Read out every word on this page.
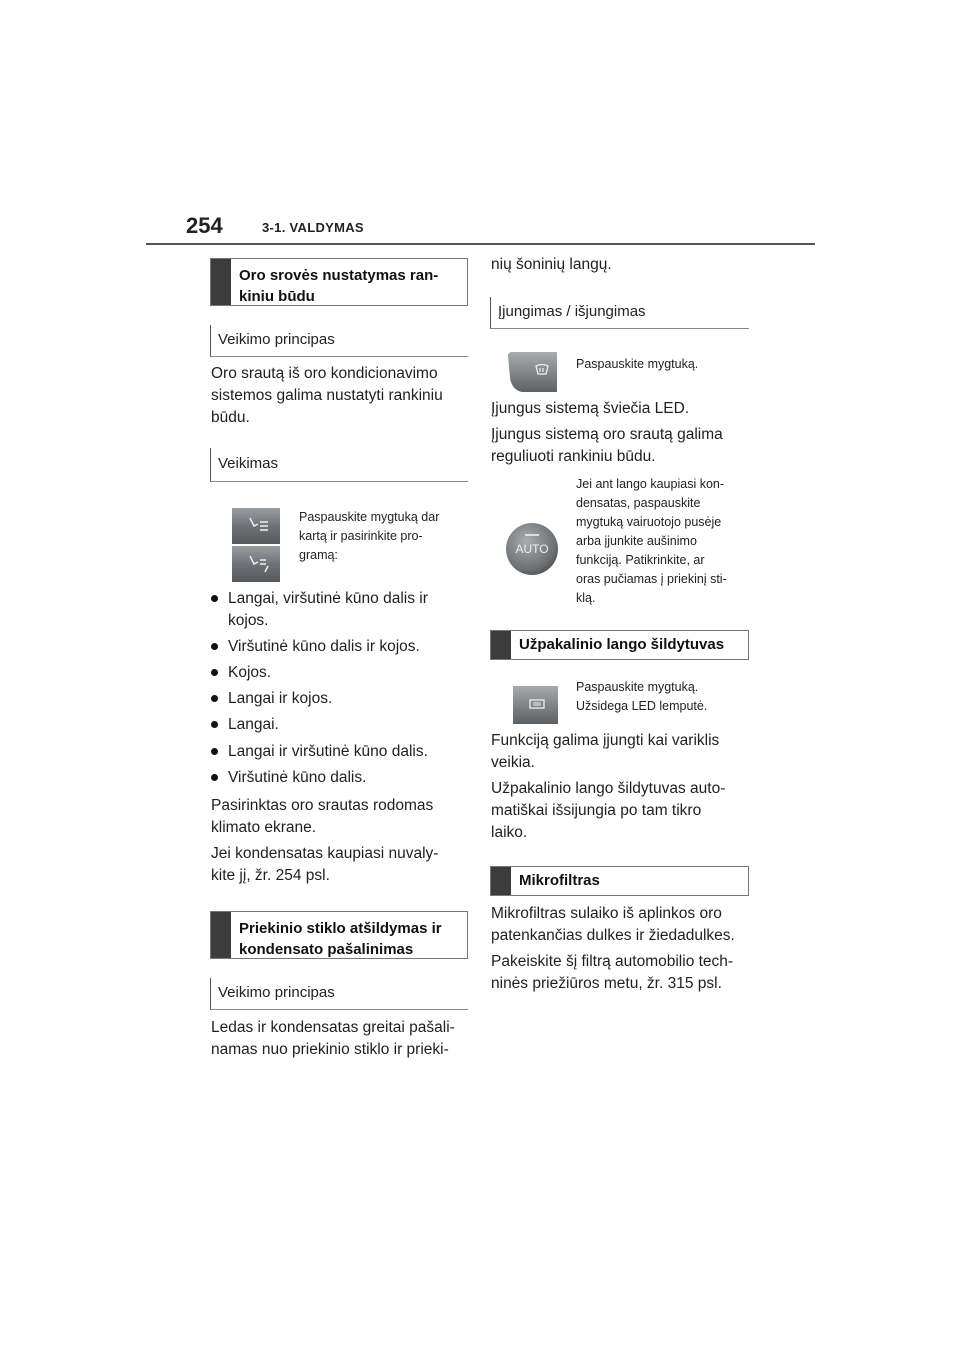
254	3-1. VALDYMAS
Oro srovės nustatymas ran-
kiniu būdu
Veikimo principas
Oro srautą iš oro kondicionavimo
sistemos galima nustatyti rankiniu
būdu.
Veikimas
Paspauskite mygtuką dar
kartą ir pasirinkite pro-
gramą:
Langai, viršutinė kūno dalis ir
kojos.
Viršutinė kūno dalis ir kojos.
Kojos.
Langai ir kojos.
Langai.
Langai ir viršutinė kūno dalis.
Viršutinė kūno dalis.
Pasirinktas oro srautas rodomas
klimato ekrane.
Jei kondensatas kaupiasi nuvaly-
kite jį, žr. 254 psl.
Priekinio stiklo atšildymas ir
kondensato pašalinimas
Veikimo principas
Ledas ir kondensatas greitai pašali-
namas nuo priekinio stiklo ir prieki-
nių šoninių langų.
Įjungimas / išjungimas
Paspauskite mygtuką.
Įjungus sistemą šviečia LED.
Įjungus sistemą oro srautą galima
reguliuoti rankiniu būdu.
AUTO
Jei ant lango kaupiasi kon-
densatas, paspauskite
mygtuką vairuotojo pusėje
arba įjunkite aušinimo
funkciją. Patikrinkite, ar
oras pučiamas į priekinį sti-
klą.
Užpakalinio lango šildytuvas
Paspauskite mygtuką.
Užsidega LED lemputė.
Funkciją galima įjungti kai variklis
veikia.
Užpakalinio lango šildytuvas auto-
matiškai išsijungia po tam tikro
laiko.
Mikrofiltras
Mikrofiltras sulaiko iš aplinkos oro
patenkančias dulkes ir žiedadulkes.
Pakeiskite šį filtrą automobilio tech-
ninės priežiūros metu, žr. 315 psl.
